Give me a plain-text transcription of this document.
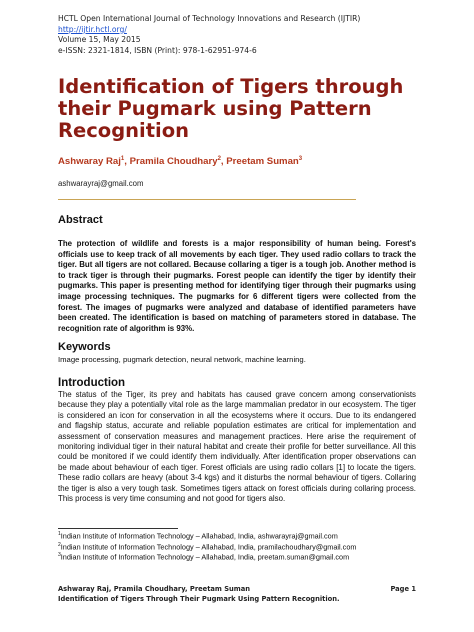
HCTL Open International Journal of Technology Innovations and Research (IJTIR)
http://ijtir.hctl.org/
Volume 15, May 2015
e-ISSN: 2321-1814, ISBN (Print): 978-1-62951-974-6
Identification of Tigers through their Pugmark using Pattern Recognition
Ashwaray Raj$^1$, Pramila Choudhary$^2$, Preetam Suman$^3$
ashwarayraj@gmail.com
Abstract

The protection of wildlife and forests is a major responsibility of human being. Forest's officials use to keep track of all movements by each tiger. They used radio collars to track the tiger. But all tigers are not collared. Because collaring a tiger is a tough job. Another method is to track tiger is through their pugmarks. Forest people can identify the tiger by identify their pugmarks. This paper is presenting method for identifying tiger through their pugmarks using image processing techniques. The pugmarks for 6 different tigers were collected from the forest. The images of pugmarks were analyzed and database of identified parameters have been created. The identification is based on matching of parameters stored in database. The recognition rate of algorithm is 93%.

Keywords
Image processing, pugmark detection, neural network, machine learning.
Introduction

The status of the Tiger, its prey and habitats has caused grave concern among conservationists because they play a potentially vital role as the large mammalian predator in our ecosystem. The tiger is considered an icon for conservation in all the ecosystems where it occurs. Due to its endangered and flagship status, accurate and reliable population estimates are critical for implementation and assessment of conservation measures and management practices. Here arise the requirement of monitoring individual tiger in their natural habitat and create their profile for better surveillance. All this could be monitored if we could identify them individually. After identification proper observations can be made about behaviour of each tiger. Forest officials are using radio collars [1] to locate the tigers. These radio collars are heavy (about 3-4 kgs) and it disturbs the normal behaviour of tigers. Collaring the tiger is also a very tough task. Sometimes tigers attack on forest officials during collaring process. This process is very time consuming and not good for tigers also.

$^1$Indian Institute of Information Technology – Allahabad, India, ashwarayraj@gmail.com
$^2$Indian Institute of Information Technology – Allahabad, India, pramilachoudhary@gmail.com
$^3$Indian Institute of Information Technology – Allahabad, India, preetam.suman@gmail.com
Ashwaray Raj, Pramila Choudhary, Preetam Suman	Page 1
Identification of Tigers Through Their Pugmark Using Pattern Recognition.
